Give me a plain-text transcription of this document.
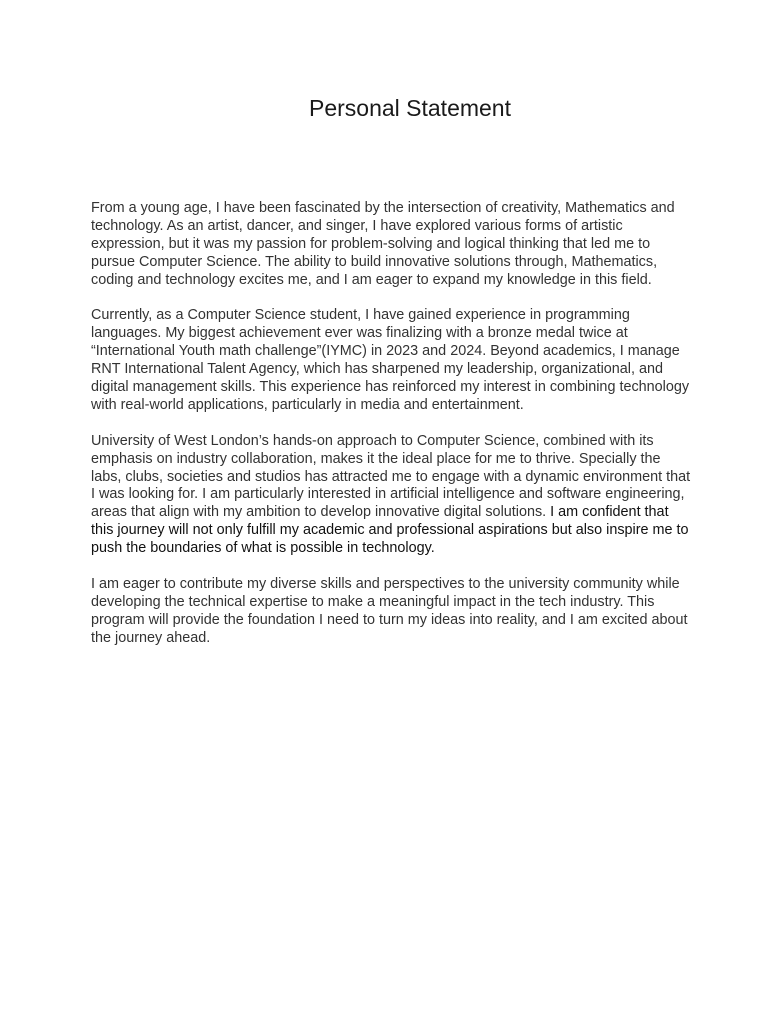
Personal Statement

From a young age, I have been fascinated by the intersection of creativity, Mathematics and technology. As an artist, dancer, and singer, I have explored various forms of artistic expression, but it was my passion for problem-solving and logical thinking that led me to pursue Computer Science. The ability to build innovative solutions through, Mathematics, coding and technology excites me, and I am eager to expand my knowledge in this field.

Currently, as a Computer Science student, I have gained experience in programming languages. My biggest achievement ever was finalizing with a bronze medal twice at “International Youth math challenge”(IYMC) in 2023 and 2024. Beyond academics, I manage RNT International Talent Agency, which has sharpened my leadership, organizational, and digital management skills. This experience has reinforced my interest in combining technology with real-world applications, particularly in media and entertainment.

University of West London’s hands-on approach to Computer Science, combined with its emphasis on industry collaboration, makes it the ideal place for me to thrive. Specially the labs, clubs, societies and studios has attracted me to engage with a dynamic environment that I was looking for. I am particularly interested in artificial intelligence and software engineering, areas that align with my ambition to develop innovative digital solutions. I am confident that this journey will not only fulfill my academic and professional aspirations but also inspire me to push the boundaries of what is possible in technology.

I am eager to contribute my diverse skills and perspectives to the university community while developing the technical expertise to make a meaningful impact in the tech industry. This program will provide the foundation I need to turn my ideas into reality, and I am excited about the journey ahead.
